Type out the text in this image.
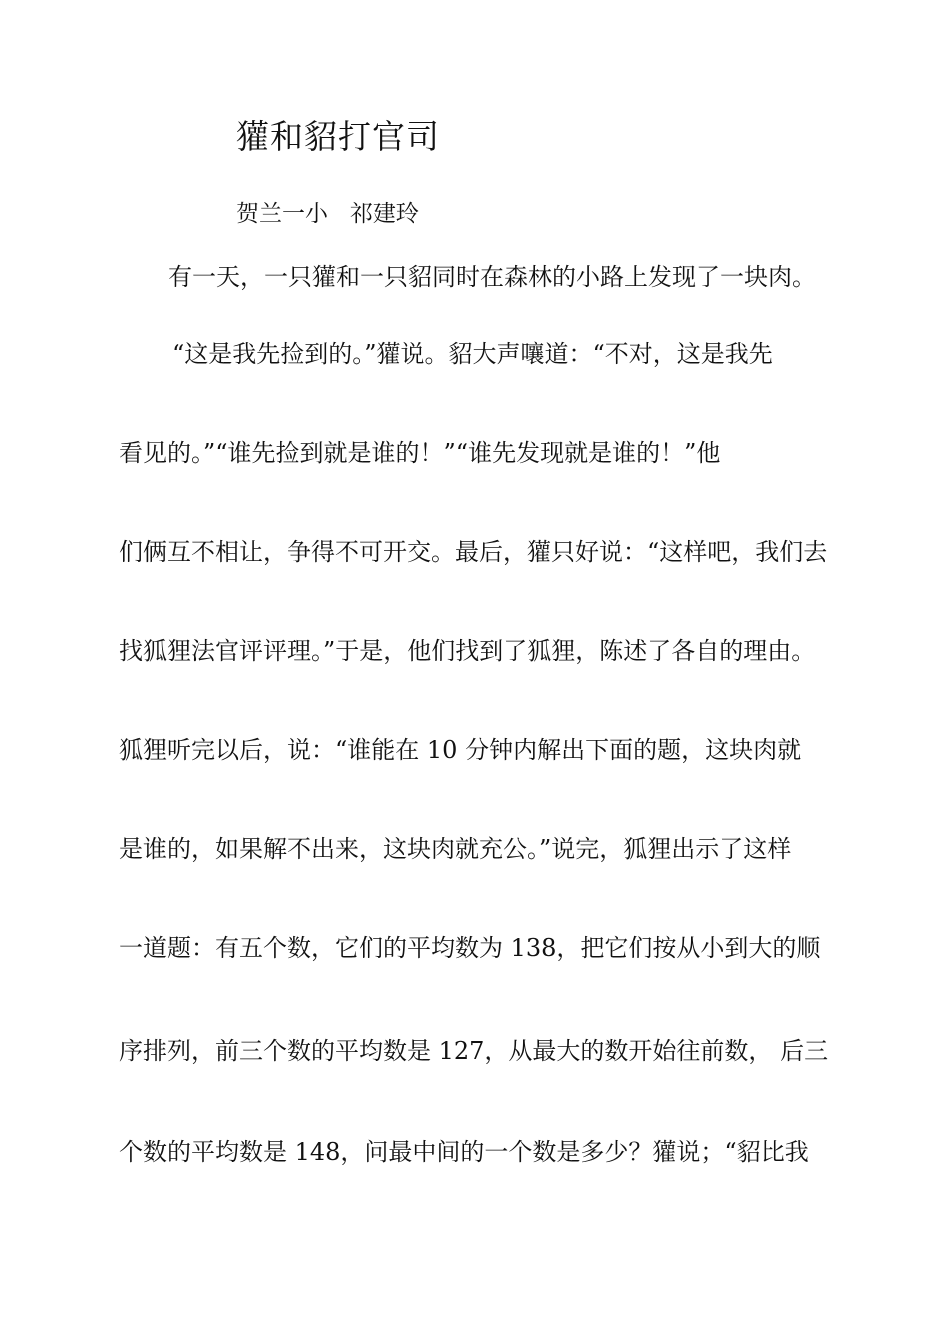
獾和貂打官司
贺兰一小   祁建玲
有一天，一只獾和一只貂同时在森林的小路上发现了一块肉。
“这是我先捡到的。”獾说。貂大声嚷道：“不对，这是我先
看见的。”“谁先捡到就是谁的！”“谁先发现就是谁的！”他
们俩互不相让，争得不可开交。最后，獾只好说：“这样吧，我们去
找狐狸法官评评理。”于是，他们找到了狐狸，陈述了各自的理由。
狐狸听完以后，说：“谁能在 10 分钟内解出下面的题，这块肉就
是谁的，如果解不出来，这块肉就充公。”说完，狐狸出示了这样
一道题：有五个数，它们的平均数为 138，把它们按从小到大的顺
序排列，前三个数的平均数是 127，从最大的数开始往前数， 后三
个数的平均数是 148，问最中间的一个数是多少？獾说；“貂比我
